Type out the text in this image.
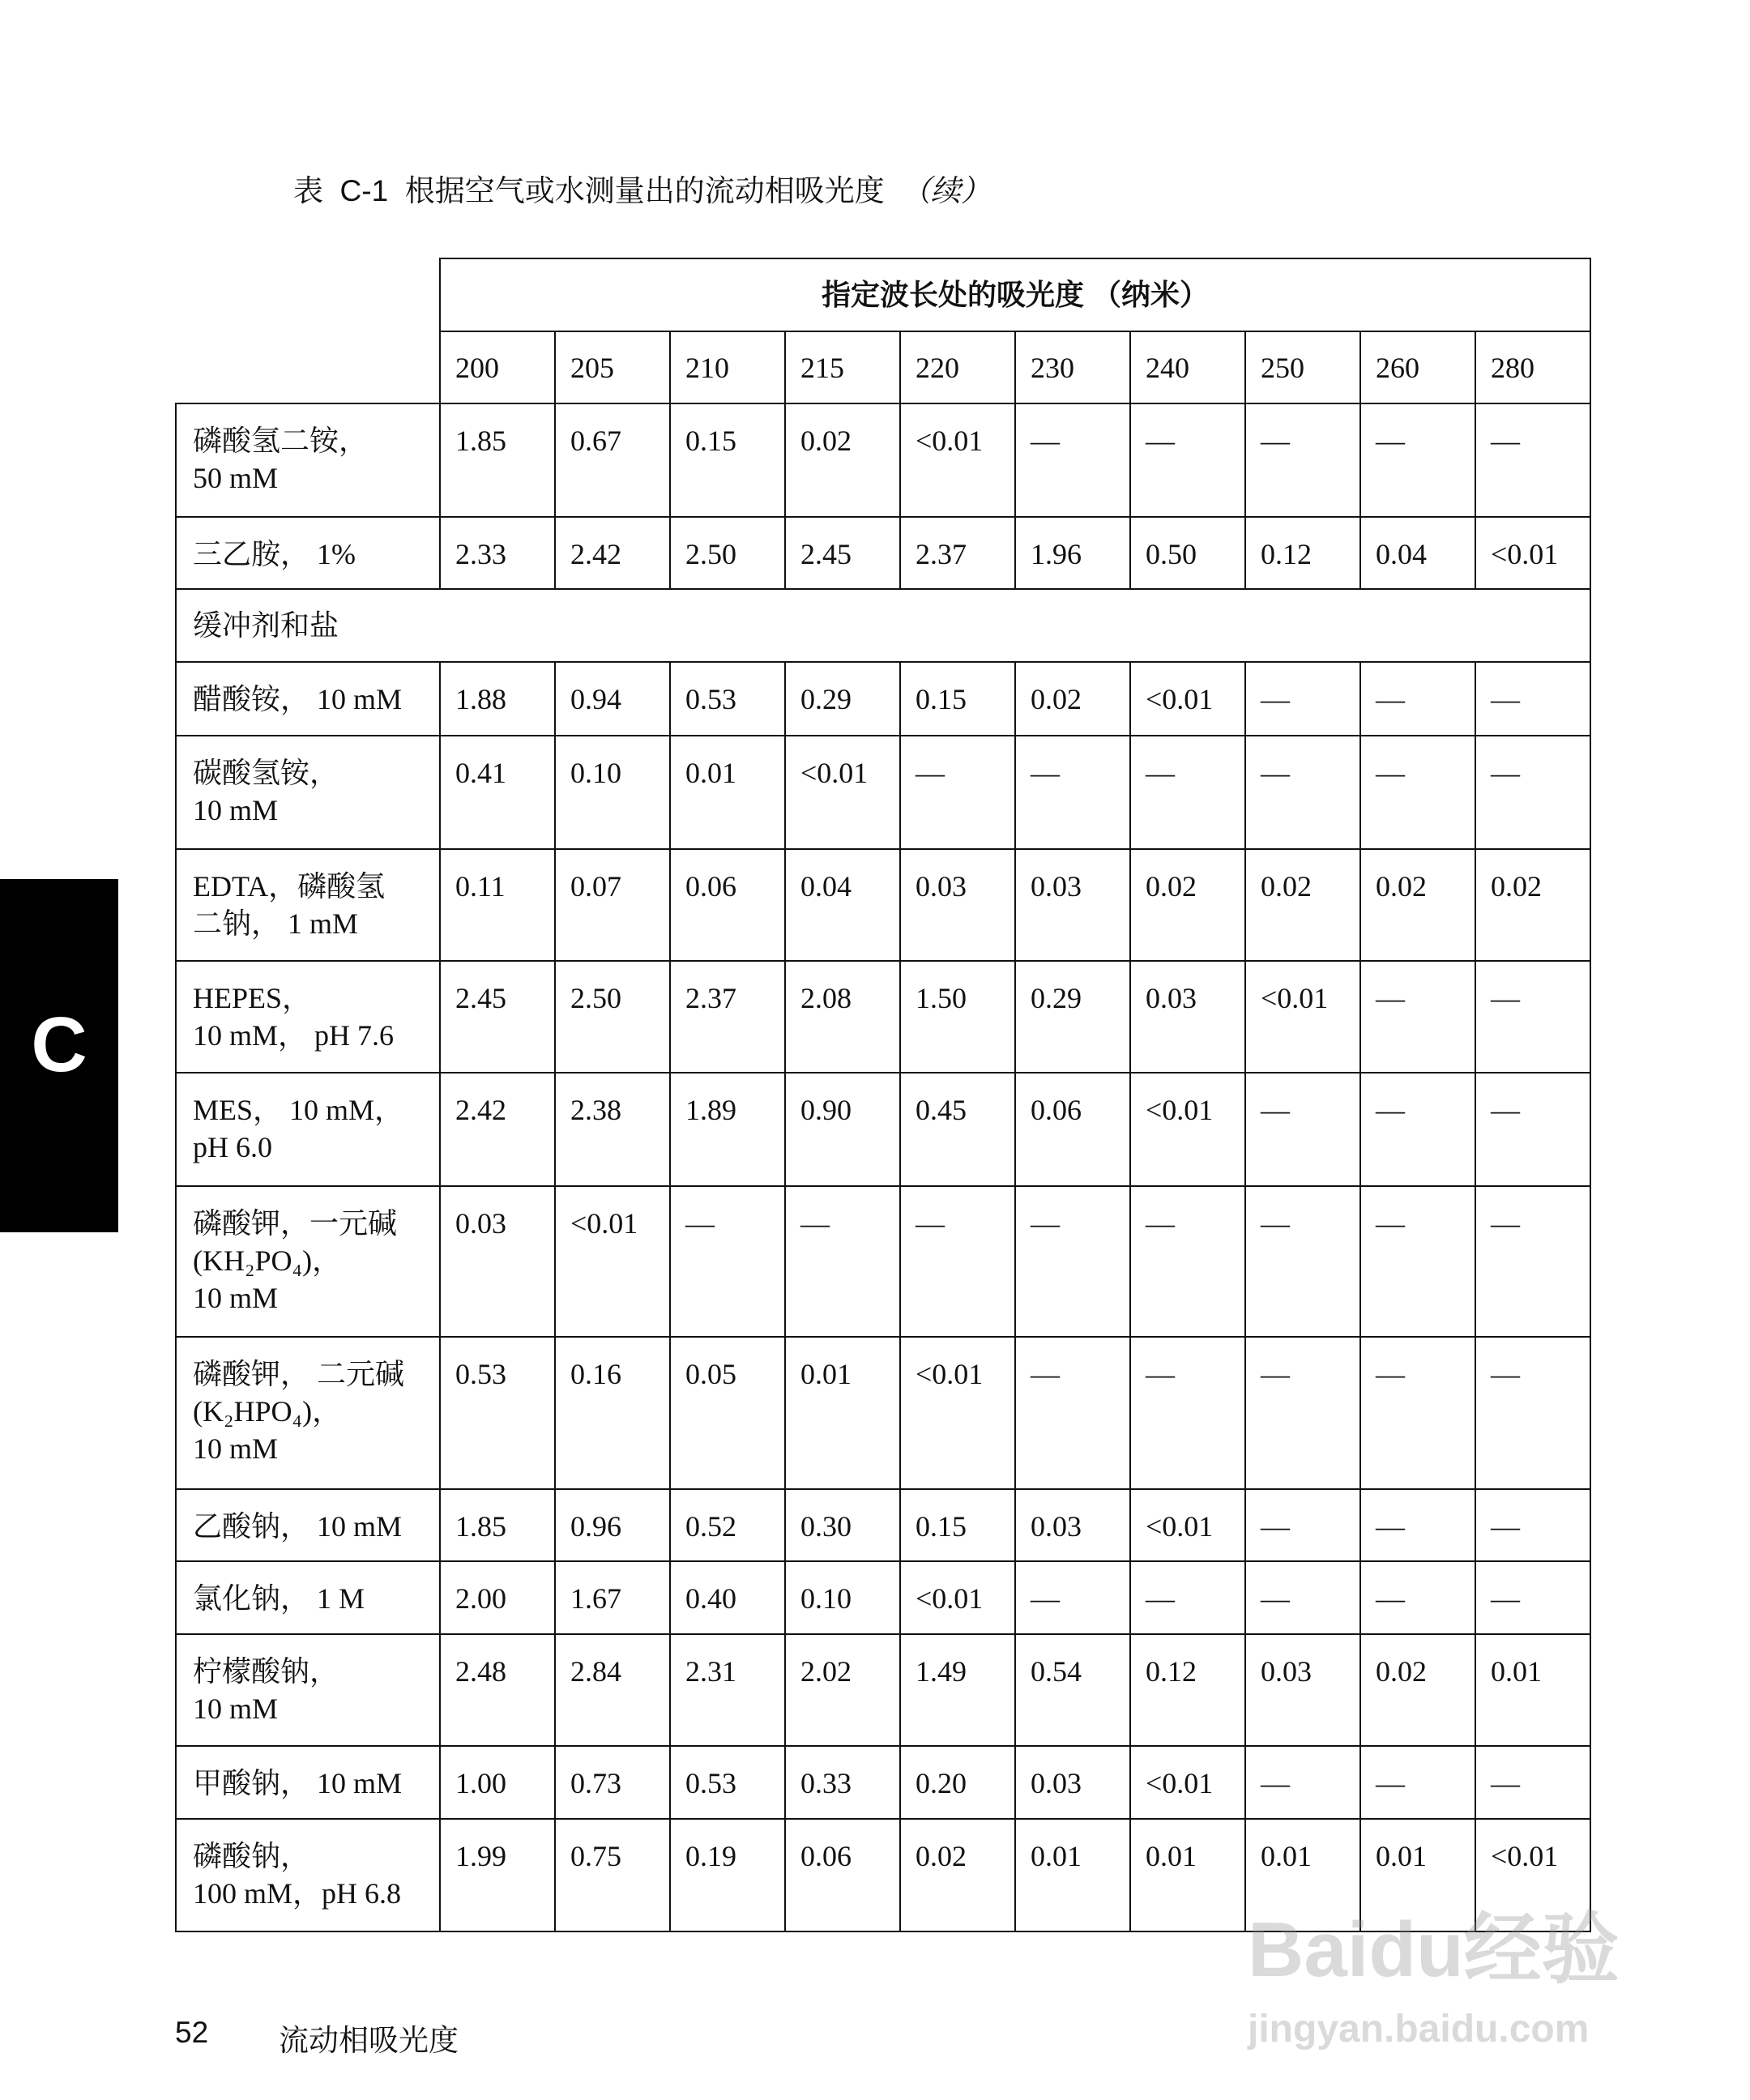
表  C-1  根据空气或水测量出的流动相吸光度 （续）
C
	指定波长处的吸光度 （纳米）									
	200	205	210	215	220	230	240	250	260	280

磷酸氢二铵，
50 mM	1.85	0.67	0.15	0.02	<0.01	—	—	—	—	—

三乙胺， 1%	2.33	2.42	2.50	2.45	2.37	1.96	0.50	0.12	0.04	<0.01
缓冲剂和盐										

醋酸铵， 10 mM	1.88	0.94	0.53	0.29	0.15	0.02	<0.01	—	—	—

碳酸氢铵，
10 mM	0.41	0.10	0.01	<0.01	—	—	—	—	—	—

EDTA，磷酸氢
二钠， 1 mM	0.11	0.07	0.06	0.04	0.03	0.03	0.02	0.02	0.02	0.02

HEPES，
10 mM， pH 7.6	2.45	2.50	2.37	2.08	1.50	0.29	0.03	<0.01	—	—

MES， 10 mM，
pH 6.0	2.42	2.38	1.89	0.90	0.45	0.06	<0.01	—	—	—

磷酸钾，一元碱
(KH₂PO₄)，
10 mM	0.03	<0.01	—	—	—	—	—	—	—	—

磷酸钾， 二元碱
(K₂HPO₄)，
10 mM	0.53	0.16	0.05	0.01	<0.01	—	—	—	—	—

乙酸钠， 10 mM	1.85	0.96	0.52	0.30	0.15	0.03	<0.01	—	—	—

氯化钠， 1 M	2.00	1.67	0.40	0.10	<0.01	—	—	—	—	—

柠檬酸钠，
10 mM	2.48	2.84	2.31	2.02	1.49	0.54	0.12	0.03	0.02	0.01

甲酸钠， 10 mM	1.00	0.73	0.53	0.33	0.20	0.03	<0.01	—	—	—

磷酸钠，
100 mM，pH 6.8	1.99	0.75	0.19	0.06	0.02	0.01	0.01	0.01	0.01	<0.01
52 流动相吸光度
Baidu经验
jingyan.baidu.com
